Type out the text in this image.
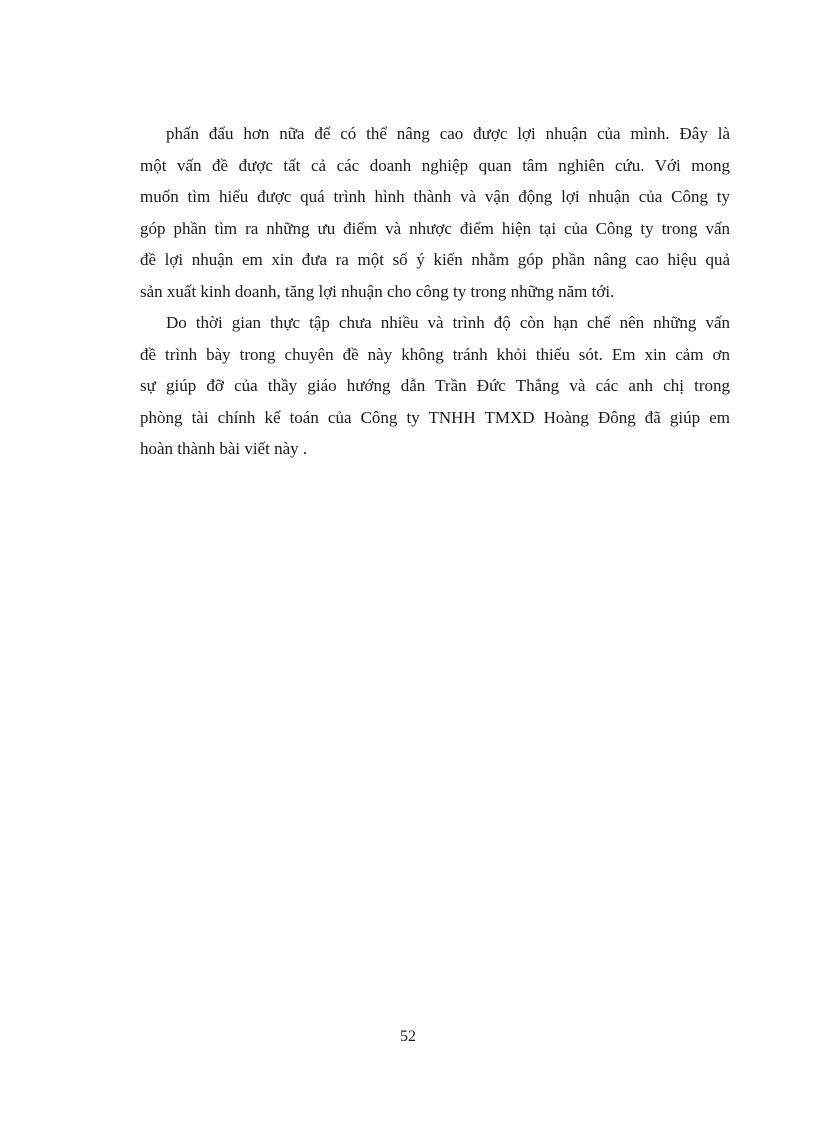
phấn đấu hơn nữa để có thể nâng cao được lợi nhuận của mình. Đây là
một vấn đề được tất cả các doanh nghiệp quan tâm nghiên cứu. Với mong
muốn tìm hiểu được quá trình hình thành và vận động lợi nhuận của Công ty
góp phần tìm ra những ưu điểm và nhược điểm hiện tại của Công ty trong vấn
đề lợi nhuận em xin đưa ra một số ý kiến nhằm góp phần nâng cao hiệu quả
sản xuất kinh doanh, tăng lợi nhuận cho công ty trong những năm tới.
Do thời gian thực tập chưa nhiều và trình độ còn hạn chế nên những vấn
đề trình bày trong chuyên đề này không tránh khỏi thiếu sót. Em xin cảm ơn
sự giúp đỡ của thầy giáo hướng dẫn Trần Đức Thắng và các anh chị trong
phòng tài chính kế toán của Công ty TNHH TMXD Hoàng Đông đã giúp em
hoàn thành bài viết này .
52
